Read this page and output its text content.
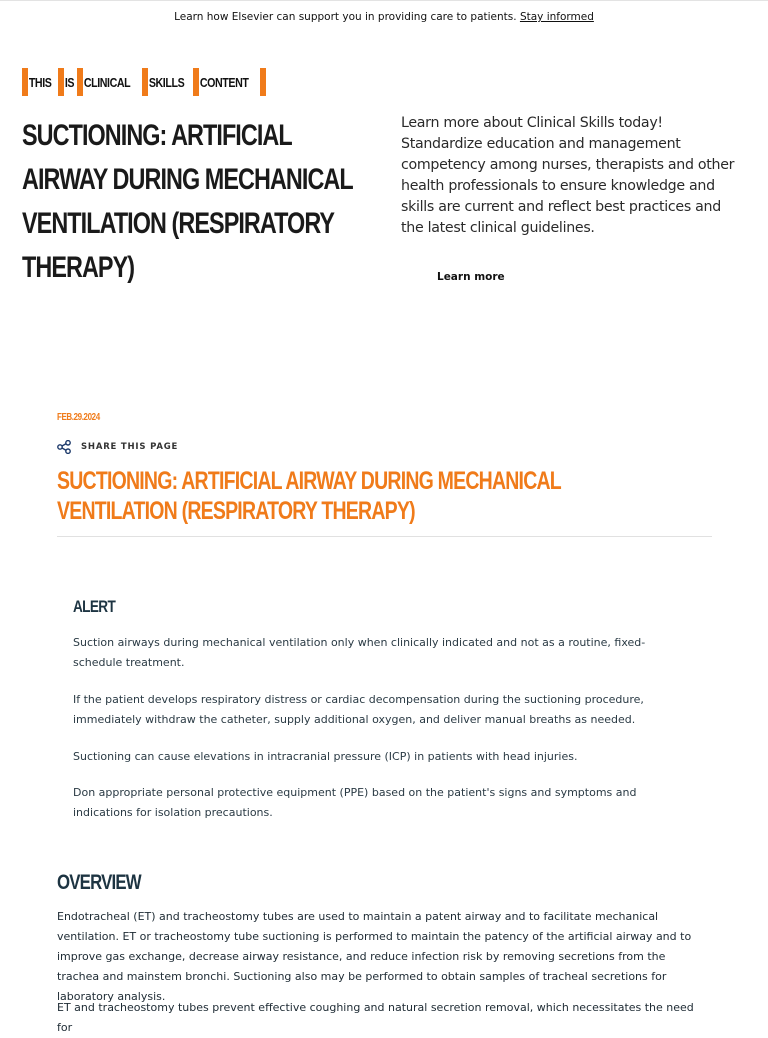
Learn how Elsevier can support you in providing care to patients. Stay informed
THIS IS CLINICAL SKILLS CONTENT
SUCTIONING: ARTIFICIAL AIRWAY DURING MECHANICAL VENTILATION (RESPIRATORY THERAPY)

Learn more about Clinical Skills today! Standardize education and management competency among nurses, therapists and other health professionals to ensure knowledge and skills are current and reflect best practices and the latest clinical guidelines.

Learn more
FEB.29.2024
SHARE THIS PAGE
SUCTIONING: ARTIFICIAL AIRWAY DURING MECHANICAL VENTILATION (RESPIRATORY THERAPY)
ALERT

Suction airways during mechanical ventilation only when clinically indicated and not as a routine, fixed-schedule treatment.

If the patient develops respiratory distress or cardiac decompensation during the suctioning procedure, immediately withdraw the catheter, supply additional oxygen, and deliver manual breaths as needed.

Suctioning can cause elevations in intracranial pressure (ICP) in patients with head injuries.

Don appropriate personal protective equipment (PPE) based on the patient's signs and symptoms and indications for isolation precautions.

OVERVIEW

Endotracheal (ET) and tracheostomy tubes are used to maintain a patent airway and to facilitate mechanical ventilation. ET or tracheostomy tube suctioning is performed to maintain the patency of the artificial airway and to improve gas exchange, decrease airway resistance, and reduce infection risk by removing secretions from the trachea and mainstem bronchi. Suctioning also may be performed to obtain samples of tracheal secretions for laboratory analysis.

ET and tracheostomy tubes prevent effective coughing and natural secretion removal, which necessitates the need for
